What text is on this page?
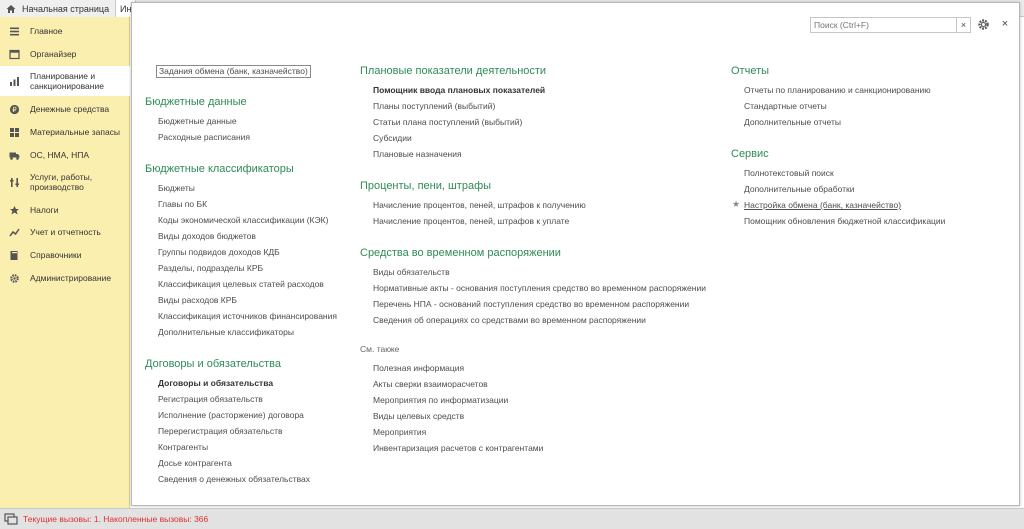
Начальная страница Ин
Главное
Органайзер
Планирование и санкционирование
₽ Денежные средства
Материальные запасы
ОС, НМА, НПА
Услуги, работы, производство
Налоги
Учет и отчетность
Справочники
Администрирование
Поиск (Ctrl+F)
×	×
Задания обмена (банк, казначейство)
Бюджетные данные
Бюджетные данные
Расходные расписания
Бюджетные классификаторы
Бюджеты
Главы по БК
Коды экономической классификации (КЭК)
Виды доходов бюджетов
Группы подвидов доходов КДБ
Разделы, подразделы КРБ
Классификация целевых статей расходов
Виды расходов КРБ
Классификация источников финансирования
Дополнительные классификаторы
Договоры и обязательства
Договоры и обязательства
Регистрация обязательств
Исполнение (расторжение) договора
Перерегистрация обязательств
Контрагенты
Досье контрагента
Сведения о денежных обязательствах
Плановые показатели деятельности
Помощник ввода плановых показателей
Планы поступлений (выбытий)
Статьи плана поступлений (выбытий)
Субсидии
Плановые назначения
Проценты, пени, штрафы
Начисление процентов, пеней, штрафов к получению
Начисление процентов, пеней, штрафов к уплате
Средства во временном распоряжении
Виды обязательств
Нормативные акты - основания поступления средство во временном распоряжении
Перечень НПА - оснований поступления средство во временном распоряжении
Сведения об операциях со средствами во временном распоряжении
См. также
Полезная информация
Акты сверки взаиморасчетов
Мероприятия по информатизации
Виды целевых средств
Мероприятия
Инвентаризация расчетов с контрагентами
Отчеты
Отчеты по планированию и санкционированию
Стандартные отчеты
Дополнительные отчеты
Сервис
Полнотекстовый поиск
Дополнительные обработки
★ Настройка обмена (банк, казначейство)
Помощник обновления бюджетной классификации
Текущие вызовы: 1. Накопленные вызовы: 366
